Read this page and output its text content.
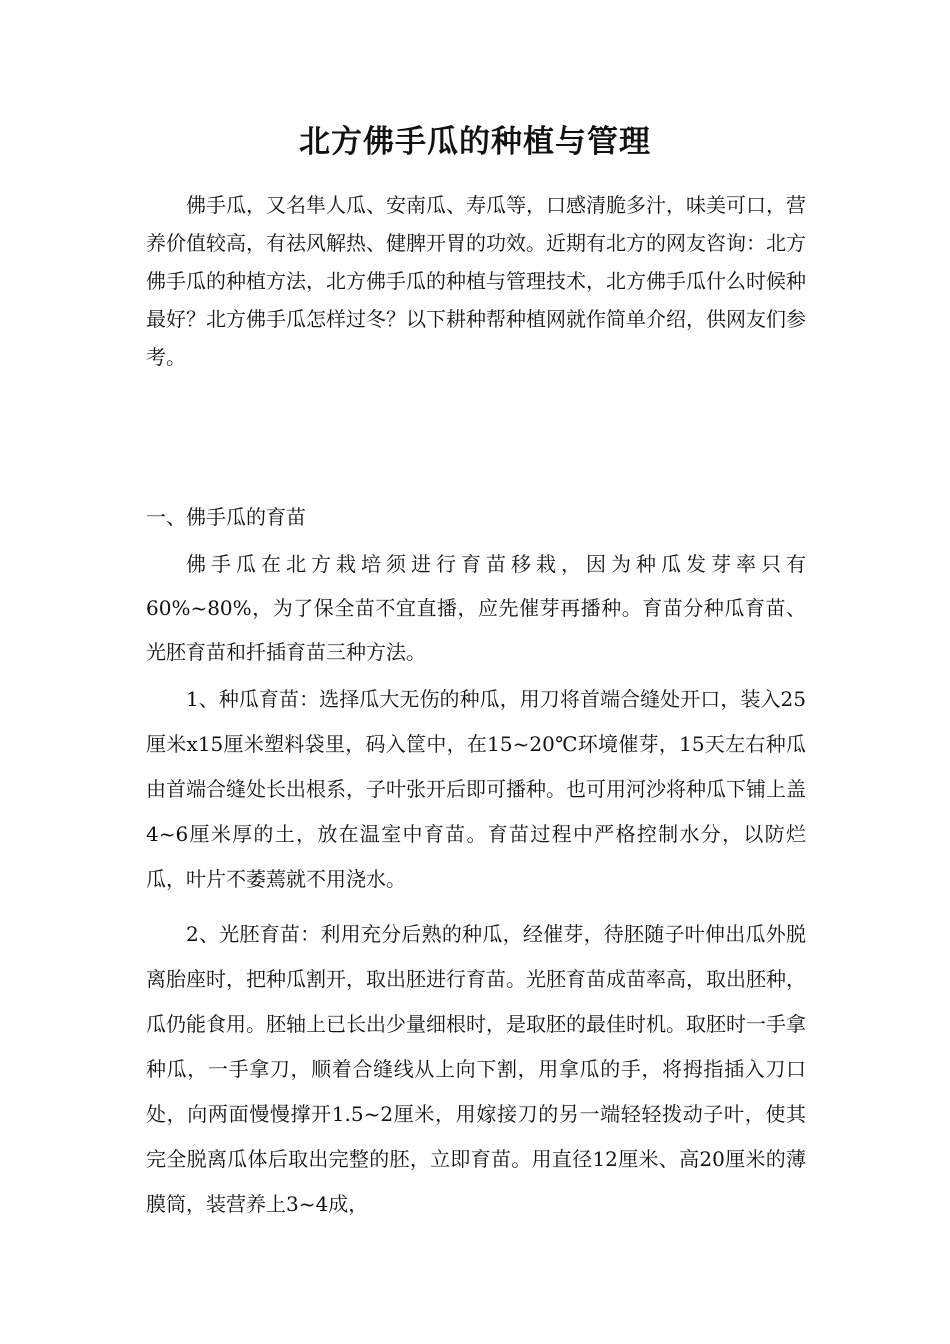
北方佛手瓜的种植与管理

佛手瓜，又名隼人瓜、安南瓜、寿瓜等，口感清脆多汁，味美可口，营养价值较高，有祛风解热、健脾开胃的功效。近期有北方的网友咨询：北方佛手瓜的种植方法，北方佛手瓜的种植与管理技术，北方佛手瓜什么时候种最好？北方佛手瓜怎样过冬？以下耕种帮种植网就作简单介绍，供网友们参考。

一、佛手瓜的育苗

佛手瓜在北方栽培须进行育苗移栽，因为种瓜发芽率只有60%~80%，为了保全苗不宜直播，应先催芽再播种。育苗分种瓜育苗、光胚育苗和扦插育苗三种方法。

1、种瓜育苗：选择瓜大无伤的种瓜，用刀将首端合缝处开口，装入25厘米x15厘米塑料袋里，码入筐中，在15~20℃环境催芽，15天左右种瓜由首端合缝处长出根系，子叶张开后即可播种。也可用河沙将种瓜下铺上盖4~6厘米厚的土，放在温室中育苗。育苗过程中严格控制水分，以防烂瓜，叶片不萎蔫就不用浇水。

2、光胚育苗：利用充分后熟的种瓜，经催芽，待胚随子叶伸出瓜外脱离胎座时，把种瓜割开，取出胚进行育苗。光胚育苗成苗率高，取出胚种，瓜仍能食用。胚轴上已长出少量细根时，是取胚的最佳时机。取胚时一手拿种瓜，一手拿刀，顺着合缝线从上向下割，用拿瓜的手，将拇指插入刀口处，向两面慢慢撑开1.5~2厘米，用嫁接刀的另一端轻轻拨动子叶，使其完全脱离瓜体后取出完整的胚，立即育苗。用直径12厘米、高20厘米的薄膜筒，装营养上3~4成，
